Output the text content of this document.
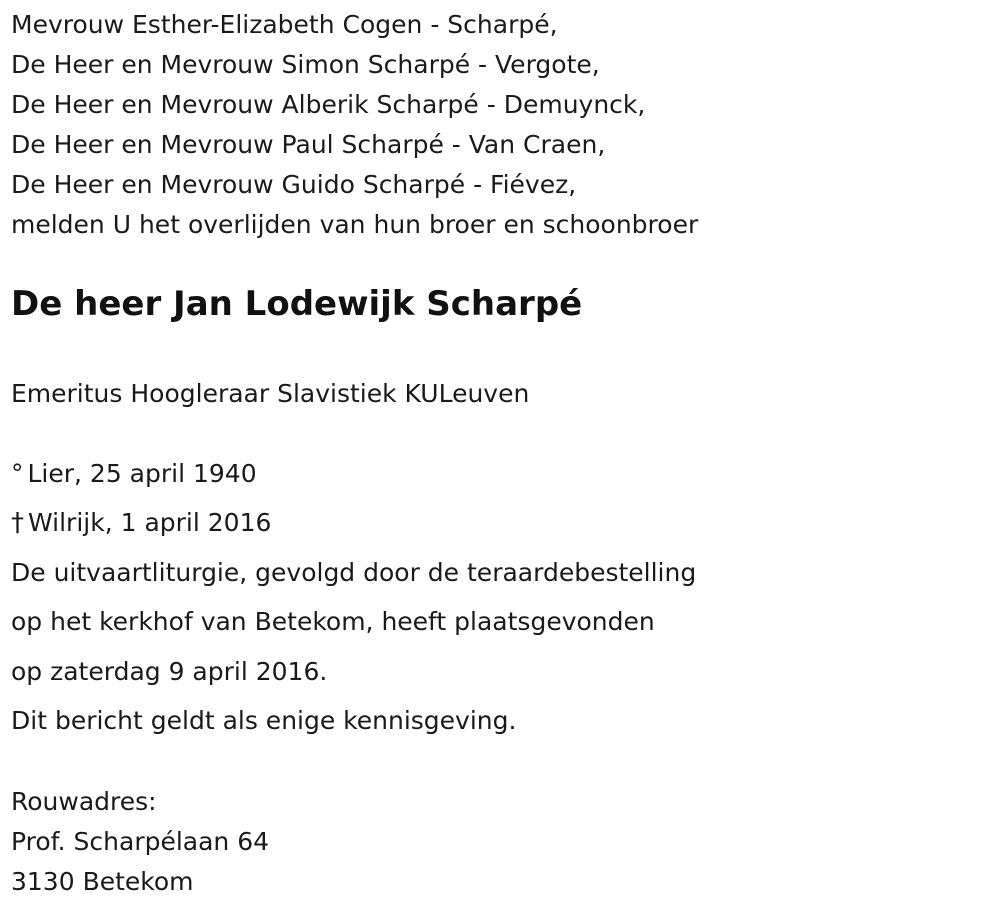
Mevrouw Esther-Elizabeth Cogen - Scharpé,
De Heer en Mevrouw Simon Scharpé - Vergote,
De Heer en Mevrouw Alberik Scharpé - Demuynck,
De Heer en Mevrouw Paul Scharpé - Van Craen,
De Heer en Mevrouw Guido Scharpé - Fiévez,
melden U het overlijden van hun broer en schoonbroer
De heer Jan Lodewijk Scharpé
Emeritus Hoogleraar Slavistiek KULeuven
° Lier, 25 april 1940
† Wilrijk, 1 april 2016
De uitvaartliturgie, gevolgd door de teraardebestelling
op het kerkhof van Betekom, heeft plaatsgevonden
op zaterdag 9 april 2016.
Dit bericht geldt als enige kennisgeving.
Rouwadres:
Prof. Scharpélaan 64
3130 Betekom
